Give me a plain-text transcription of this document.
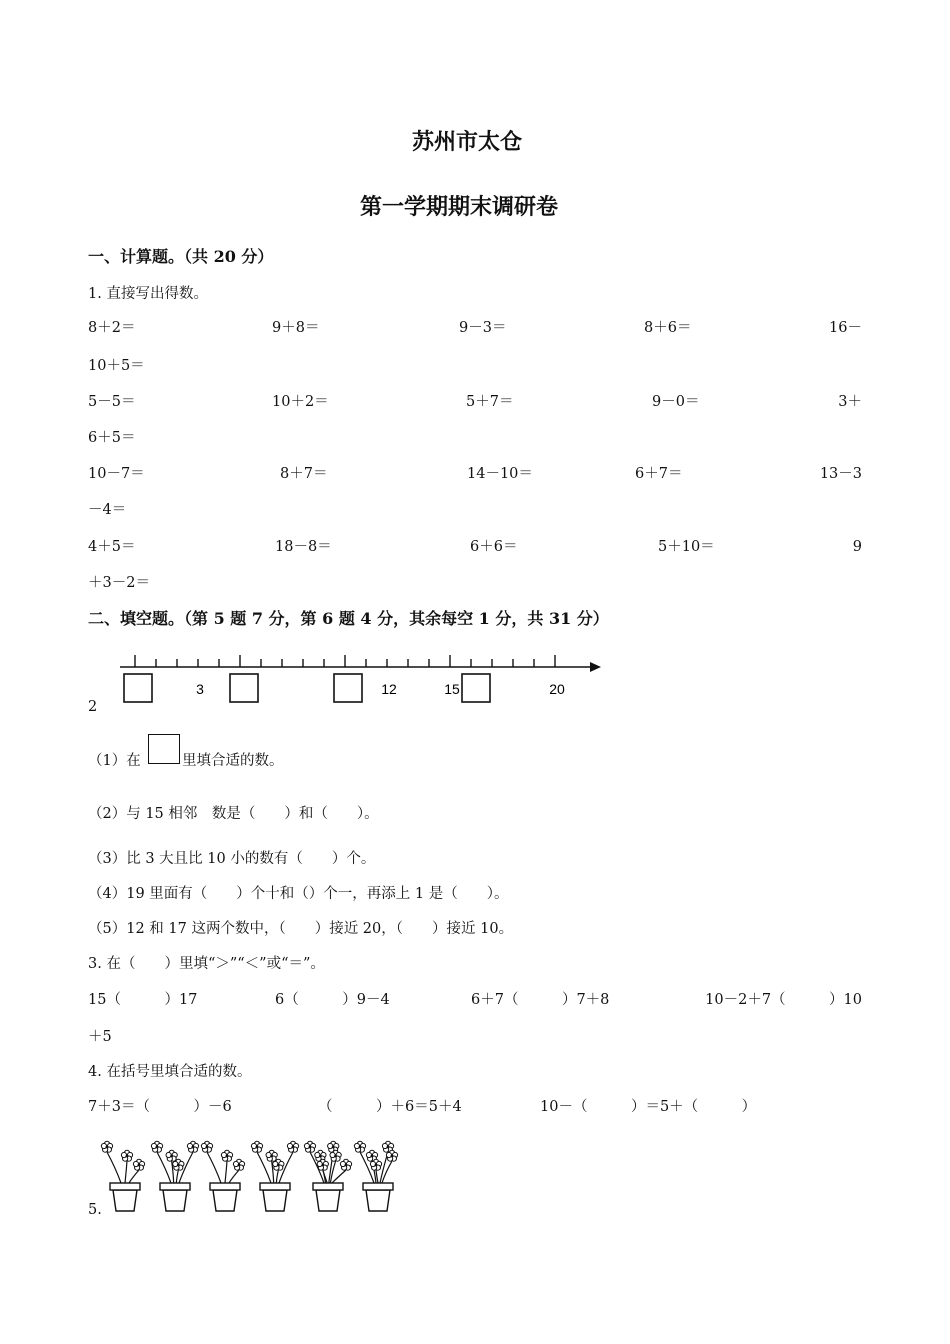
苏州市太仓
第一学期期末调研卷
一、计算题。（共 20 分）
1. 直接写出得数。
8＋2＝	9＋8＝	9－3＝	8＋6＝	16－
10＋5＝
5－5＝	10＋2＝	5＋7＝	9－0＝	3＋
6＋5＝
10－7＝	8＋7＝	14－10＝	6＋7＝	13－3
－4＝
4＋5＝	18－8＝	6＋6＝	5＋10＝	9
＋3－2＝
二、填空题。（第 5 题 7 分，第 6 题 4 分，其余每空 1 分，共 31 分）
3	12	15	20
2
（1）在	里填合适的数。
（2）与 15 相邻　数是（　　）和（　　）。
（3）比 3 大且比 10 小的数有（　　）个。
（4）19 里面有（　　）个十和（）个一，再添上 1 是（　　）。
（5）12 和 17 这两个数中，（　　）接近 20，（　　）接近 10。
3. 在（　　）里填“＞”“＜”或“＝”。
15（　　　）17	6（　　　）9－4	6＋7（　　　）7＋8	10－2＋7（　　　）10
＋5
4. 在括号里填合适的数。
7＋3＝（　　　）－6	（　　　）＋6＝5＋4	10－（　　　）＝5＋（　　　）
5.
